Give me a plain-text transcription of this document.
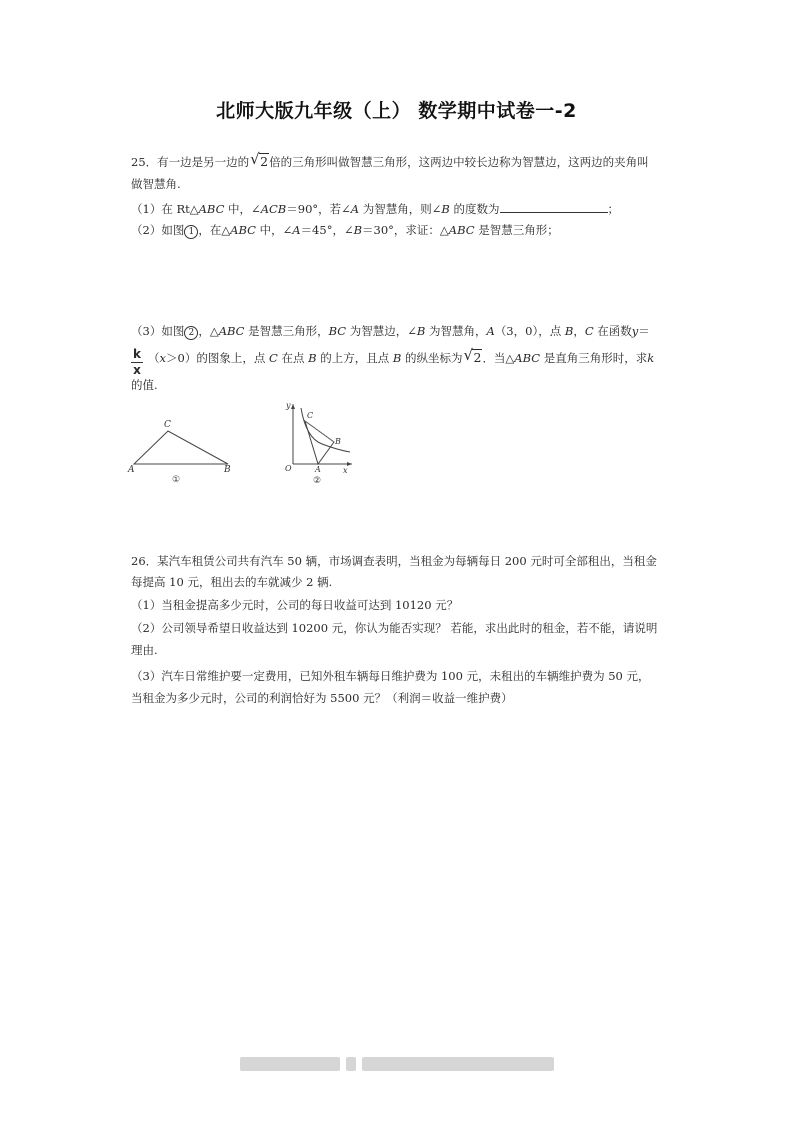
北师大版九年级（上） 数学期中试卷一-2
25．有一边是另一边的 √ 2倍的三角形叫做智慧三角形，这两边中较长边称为智慧边，这两边的夹角叫
做智慧角.
（1）在 Rt△ABC 中，∠ACB＝90°，若∠A 为智慧角，则∠B 的度数为	；
（2）如图 1 ，在△ABC 中，∠A＝45°，∠B＝30°，求证：△ABC 是智慧三角形；
（3）如图 2 ，△ABC 是智慧三角形，BC 为智慧边，∠B 为智慧角，A（3，0），点 B，C 在函数y＝
$\frac{k}{x} (x>0)$的图象上，点 C 在点 B 的上方，且点 B 的纵坐标为 √ 2．当△ABC 是直角三角形时，求k
的值.
A	B
C
①
y
O	x
C
B
A
②
26．某汽车租赁公司共有汽车 50 辆，市场调查表明，当租金为每辆每日 200 元时可全部租出，当租金
每提高 10 元，租出去的车就减少 2 辆.
（1）当租金提高多少元时，公司的每日收益可达到 10120 元？
（2）公司领导希望日收益达到 10200 元，你认为能否实现？ 若能，求出此时的租金，若不能，请说明
理由.
（3）汽车日常维护要一定费用，已知外租车辆每日维护费为 100 元，未租出的车辆维护费为 50 元，
当租金为多少元时，公司的利润恰好为 5500 元？（利润＝收益一维护费）
